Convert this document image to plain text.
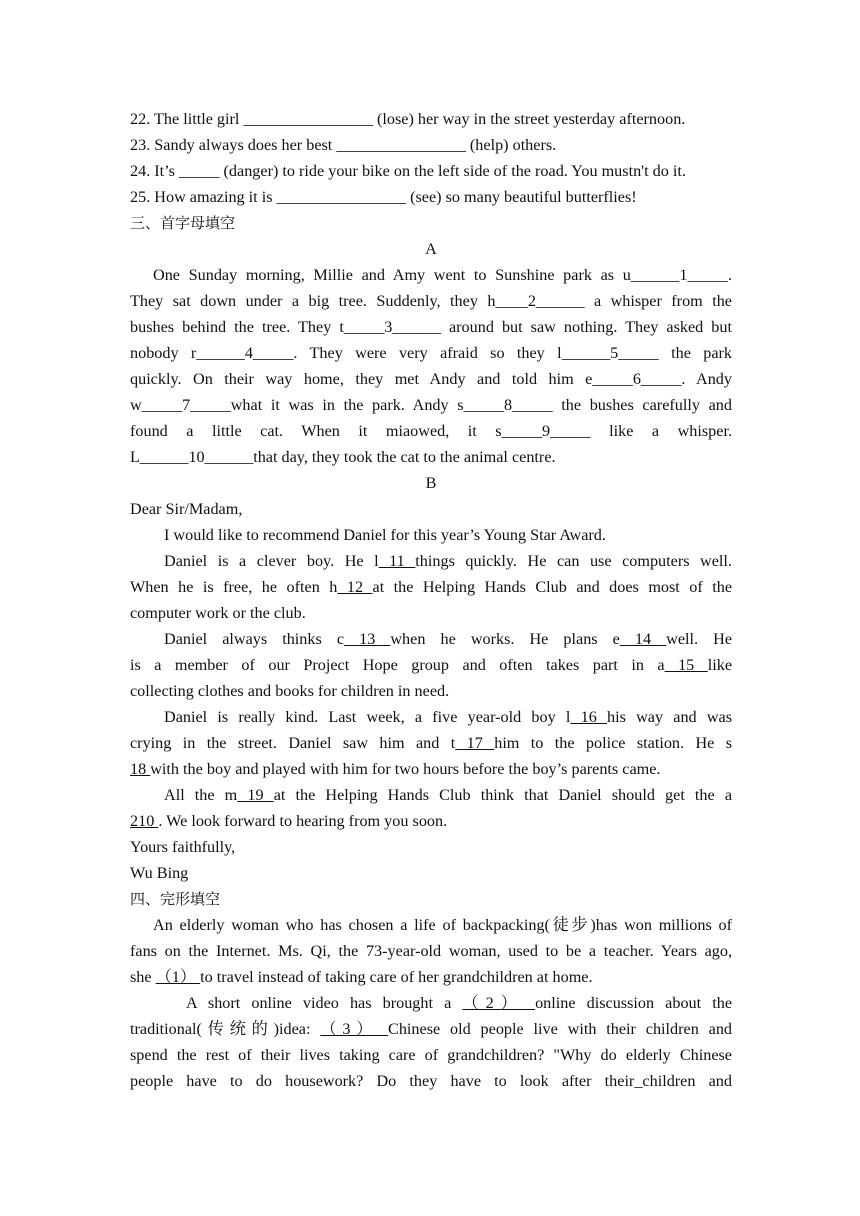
22. The little girl ________________ (lose) her way in the street yesterday afternoon.
23. Sandy always does her best ________________ (help) others.
24. It’s _____ (danger) to ride your bike on the left side of the road. You mustn't do it.
25. How amazing it is ________________ (see) so many beautiful butterflies!
三、首字母填空
A
One Sunday morning, Millie and Amy went to Sunshine park as u______1_____.
They sat down under a big tree. Suddenly, they h____2______ a whisper from the
bushes behind the tree. They t_____3______ around but saw nothing. They asked but
nobody r______4_____. They were very afraid so they l______5_____ the park
quickly. On their way home, they met Andy and told him e_____6_____. Andy
w_____7_____what it was in the park. Andy s_____8_____ the bushes carefully and
found a little cat. When it miaowed, it s_____9_____ like a whisper.
L______10______that day, they took the cat to the animal centre.
B
Dear Sir/Madam,
I would like to recommend Daniel for this year’s Young Star Award.
Daniel is a clever boy. He l 11 things quickly. He can use computers well.
When he is free, he often h 12 at the Helping Hands Club and does most of the
computer work or the club.
Daniel always thinks c 13 when he works. He plans e 14 well. He
is a member of our Project Hope group and often takes part in a 15 like
collecting clothes and books for children in need.
Daniel is really kind. Last week, a five year-old boy l 16 his way and was
crying in the street. Daniel saw him and t 17 him to the police station. He s
18 with the boy and played with him for two hours before the boy’s parents came.
All the m 19 at the Helping Hands Club think that Daniel should get the a
210 . We look forward to hearing from you soon.
Yours faithfully,
Wu Bing
四、完形填空
An elderly woman who has chosen a life of backpacking(徒步)has won millions of
fans on the Internet. Ms. Qi, the 73-year-old woman, used to be a teacher. Years ago,
she （1） to travel instead of taking care of her grandchildren at home.
A short online video has brought a （2） online discussion about the
traditional(传统的)idea: （3） Chinese old people live with their children and
spend the rest of their lives taking care of grandchildren? "Why do elderly Chinese
people have to do housework? Do they have to look after their_children and
